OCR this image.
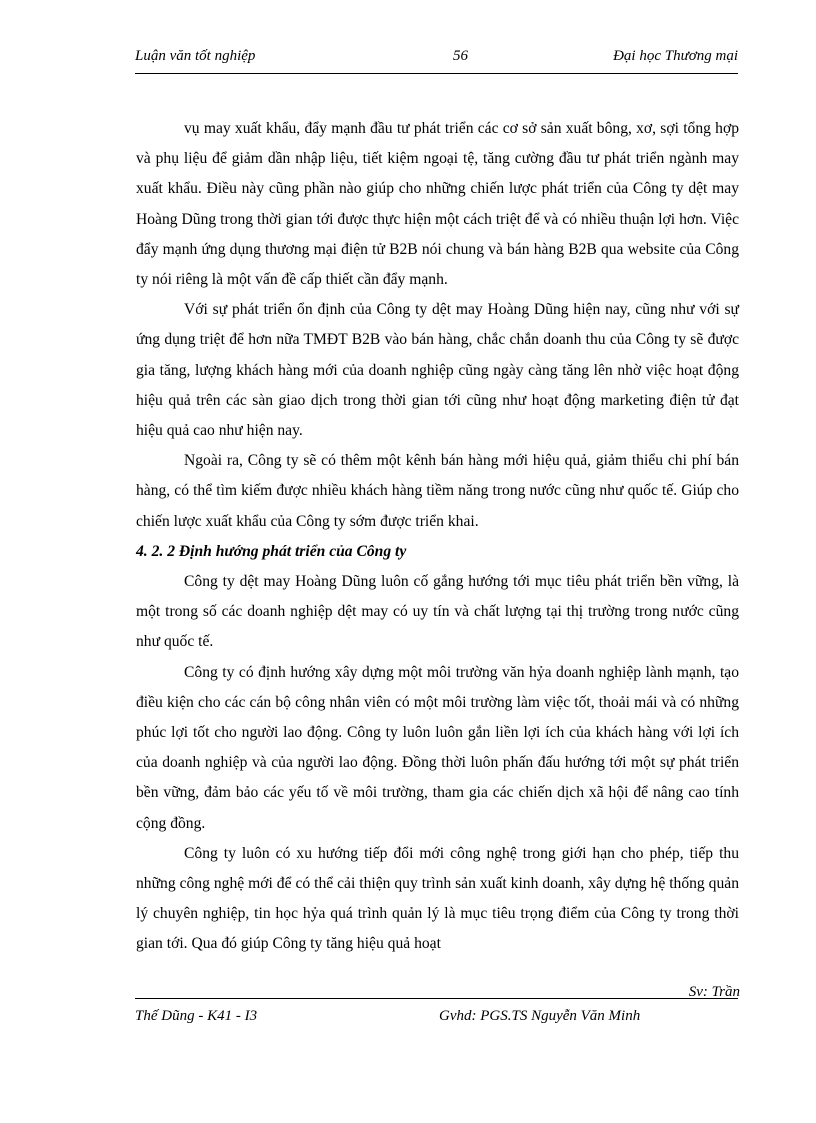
Luận văn tốt nghiệp	56	Đại học Thương mại

vụ may xuất khẩu, đẩy mạnh đầu tư phát triển các cơ sở sản xuất bông, xơ, sợi tổng hợp và phụ liệu để giảm dần nhập liệu, tiết kiệm ngoại tệ, tăng cường đầu tư phát triển ngành may xuất khẩu. Điều này cũng phần nào giúp cho những chiến lược phát triển của Công ty dệt may Hoàng Dũng trong thời gian tới được thực hiện một cách triệt để và có nhiều thuận lợi hơn. Việc đẩy mạnh ứng dụng thương mại điện tử B2B nói chung và bán hàng B2B qua website của Công ty nói riêng là một vấn đề cấp thiết cần đẩy mạnh.

Với sự phát triển ổn định của Công ty dệt may Hoàng Dũng hiện nay, cũng như với sự ứng dụng triệt để hơn nữa TMĐT B2B vào bán hàng, chắc chắn doanh thu của Công ty sẽ được gia tăng, lượng khách hàng mới của doanh nghiệp cũng ngày càng tăng lên nhờ việc hoạt động hiệu quả trên các sàn giao dịch trong thời gian tới cũng như hoạt động marketing điện tử đạt hiệu quả cao như hiện nay.

Ngoài ra, Công ty sẽ có thêm một kênh bán hàng mới hiệu quả, giảm thiểu chi phí bán hàng, có thể tìm kiếm được nhiều khách hàng tiềm năng trong nước cũng như quốc tế. Giúp cho chiến lược xuất khẩu của Công ty sớm được triển khai.

4. 2. 2 Định hướng phát triển của Công ty

Công ty dệt may Hoàng Dũng luôn cố gắng hướng tới mục tiêu phát triển bền vững, là một trong số các doanh nghiệp dệt may có uy tín và chất lượng tại thị trường trong nước cũng như quốc tế.

Công ty có định hướng xây dựng một môi trường văn hỷa doanh nghiệp lành mạnh, tạo điều kiện cho các cán bộ công nhân viên có một môi trường làm việc tốt, thoải mái và có những phúc lợi tốt cho người lao động. Công ty luôn luôn gắn liền lợi ích của khách hàng với lợi ích của doanh nghiệp và của người lao động. Đồng thời luôn phấn đấu hướng tới một sự phát triển bền vững, đảm bảo các yếu tố về môi trường, tham gia các chiến dịch xã hội để nâng cao tính cộng đồng.

Công ty luôn có xu hướng tiếp đổi mới công nghệ trong giới hạn cho phép, tiếp thu những công nghệ mới để có thể cải thiện quy trình sản xuất kinh doanh, xây dựng hệ thống quản lý chuyên nghiệp, tin học hỷa quá trình quản lý là mục tiêu trọng điểm của Công ty trong thời gian tới. Qua đó giúp Công ty tăng hiệu quả hoạt

Sv: Trần
Thế Dũng - K41 - I3	Gvhd: PGS.TS Nguyễn Văn Minh
